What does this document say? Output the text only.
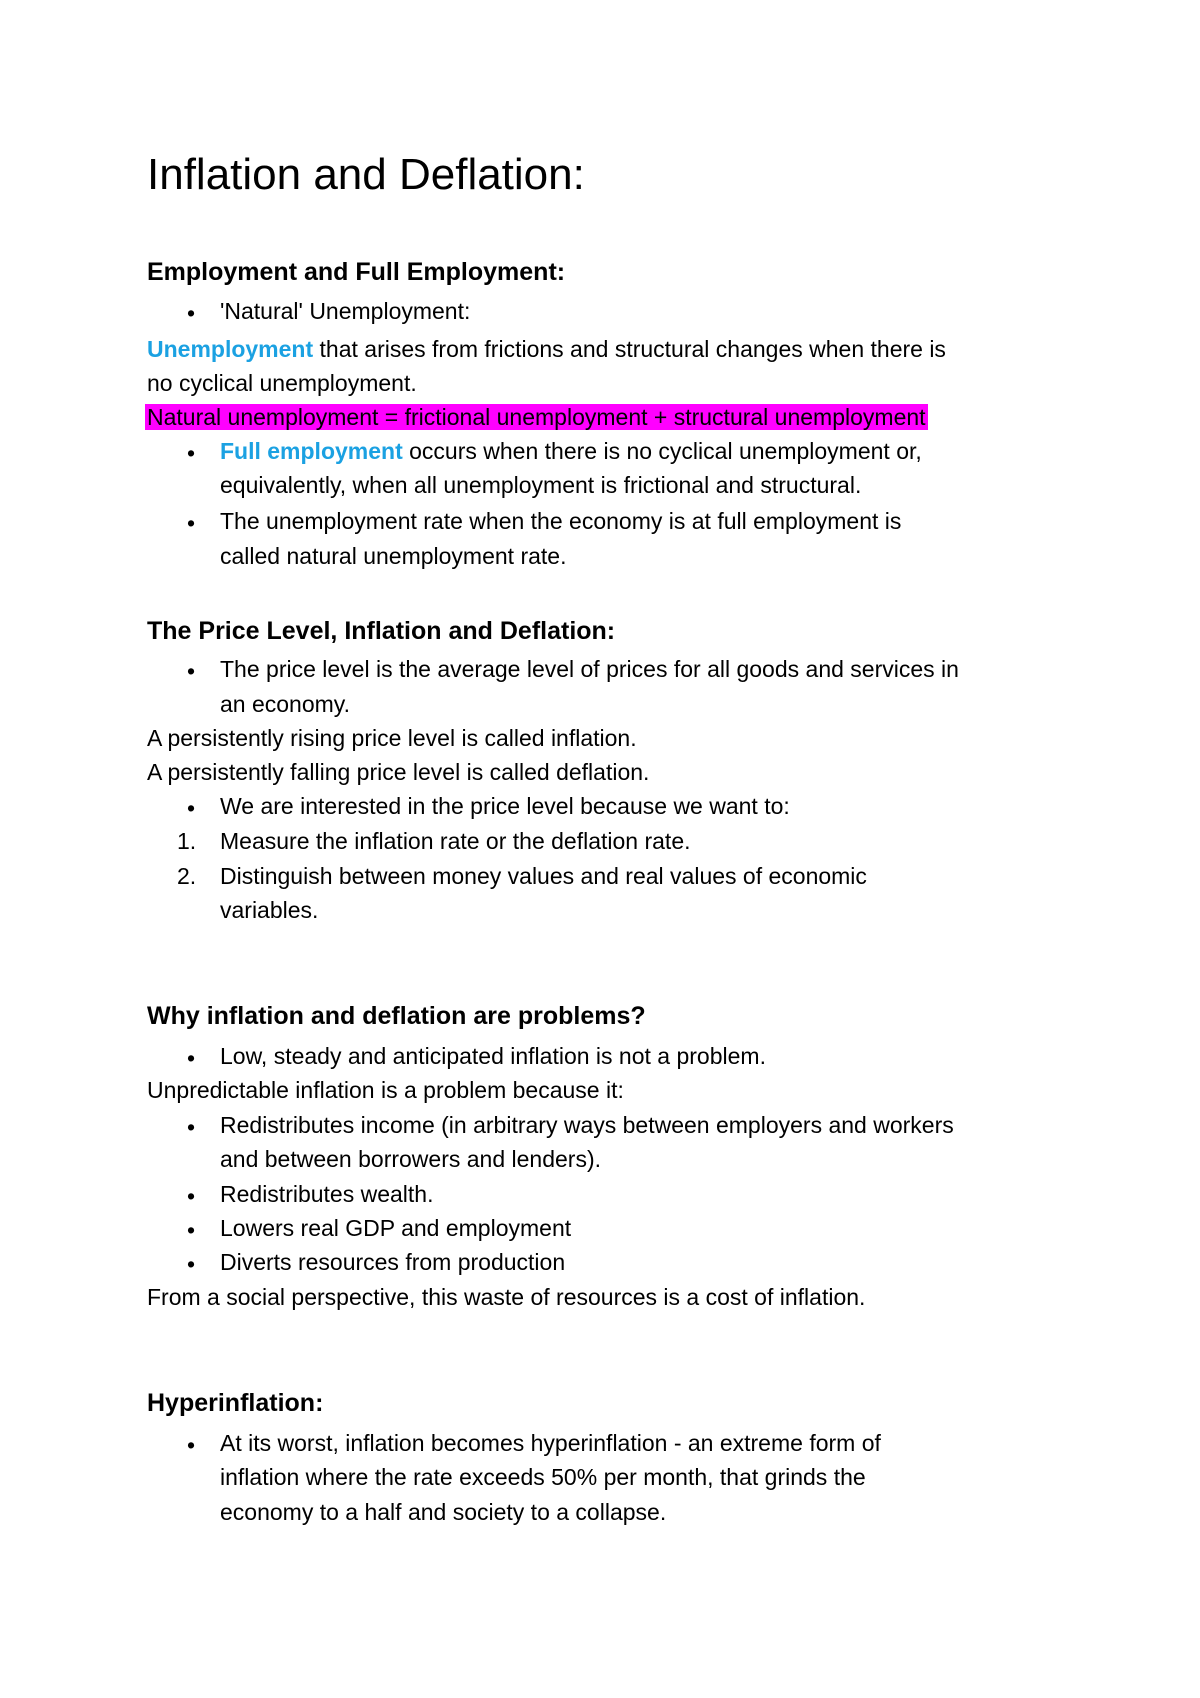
Inflation and Deflation:
Employment and Full Employment:
• 'Natural' Unemployment:

Unemployment that arises from frictions and structural changes when there is

no cyclical unemployment.

Natural unemployment = frictional unemployment + structural unemployment

• Full employment occurs when there is no cyclical unemployment or,

equivalently, when all unemployment is frictional and structural.

• The unemployment rate when the economy is at full employment is

called natural unemployment rate.

The Price Level, Inflation and Deflation:
• The price level is the average level of prices for all goods and services in

an economy.

A persistently rising price level is called inflation.

A persistently falling price level is called deflation.

• We are interested in the price level because we want to:

1. Measure the inflation rate or the deflation rate.

2. Distinguish between money values and real values of economic

variables.

Why inflation and deflation are problems?
• Low, steady and anticipated inflation is not a problem.

Unpredictable inflation is a problem because it:

• Redistributes income (in arbitrary ways between employers and workers

and between borrowers and lenders).

• Redistributes wealth.

• Lowers real GDP and employment

• Diverts resources from production

From a social perspective, this waste of resources is a cost of inflation.

Hyperinflation:
• At its worst, inflation becomes hyperinflation - an extreme form of

inflation where the rate exceeds 50% per month, that grinds the

economy to a half and society to a collapse.
